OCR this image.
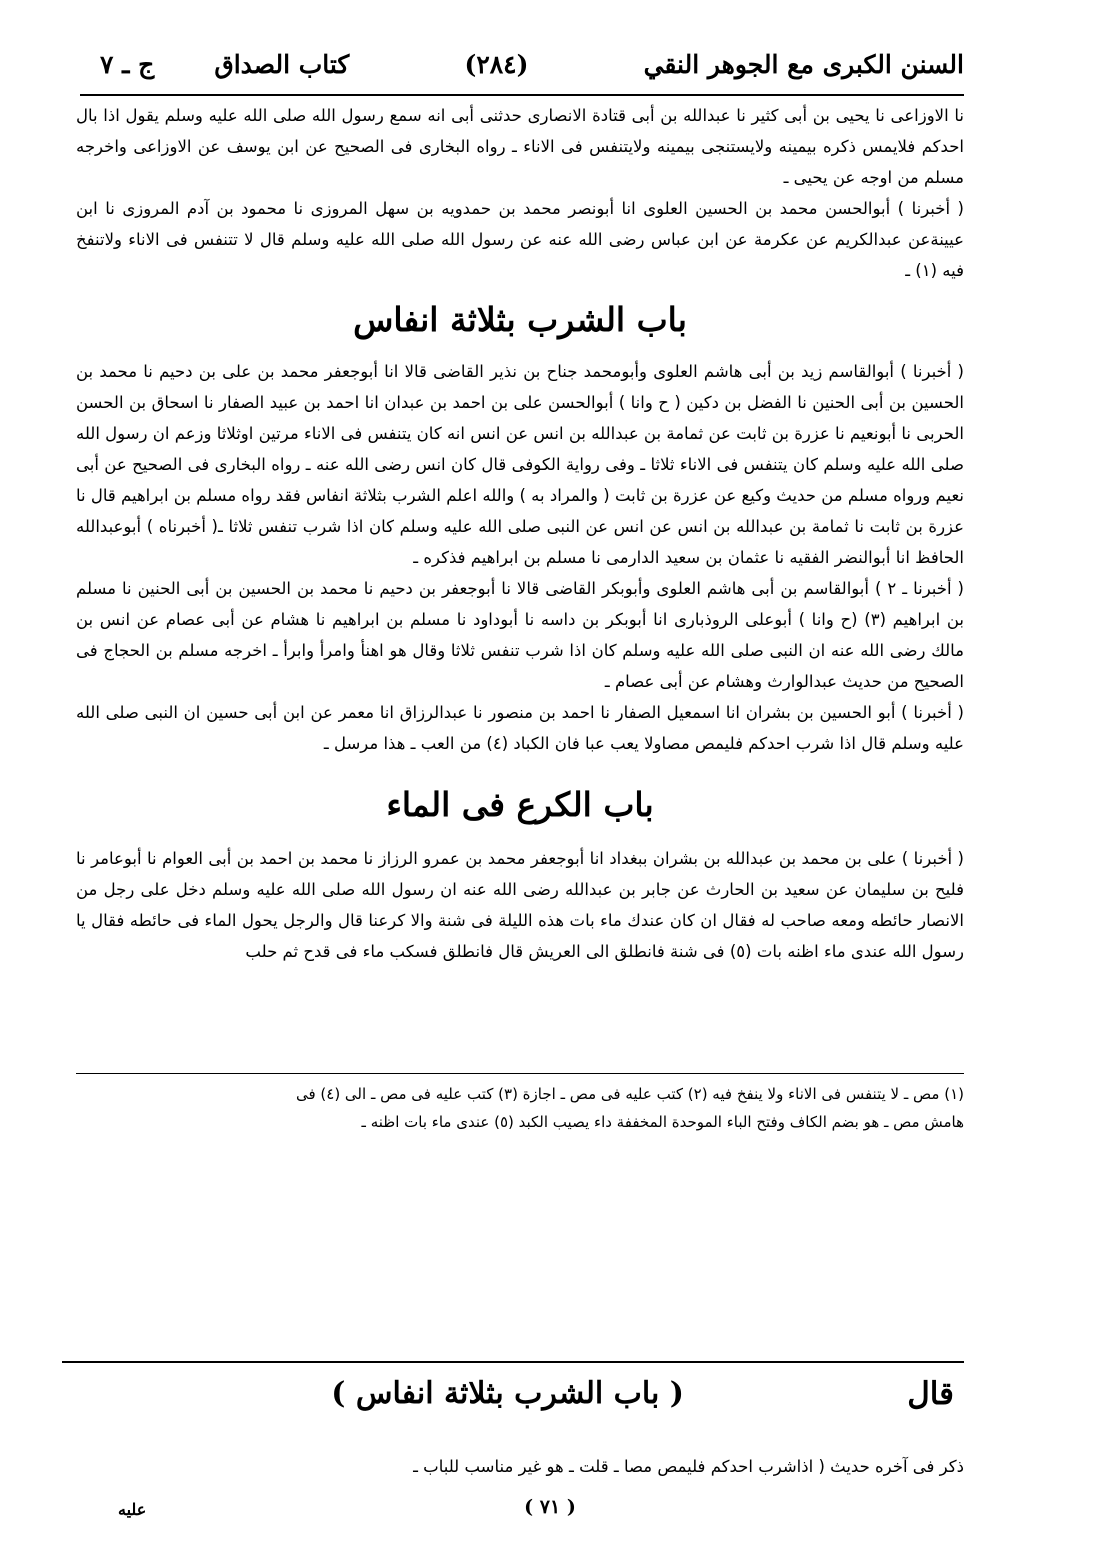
السنن الكبرى مع الجوهر النقي
(٢٨٤)
كتاب الصداق
ج ـ ٧

نا الاوزاعى نا يحيى بن أبى كثير نا عبدالله بن أبى قتادة الانصارى حدثنى أبى انه سمع رسول الله صلى الله عليه وسلم يقول اذا بال احدكم فلايمس ذكره بيمينه ولايستنجى بيمينه ولايتنفس فى الاناء ـ رواه البخارى فى الصحيح عن ابن يوسف عن الاوزاعى واخرجه مسلم من اوجه عن يحيى ـ

( أخبرنا ) أبوالحسن محمد بن الحسين العلوى انا أبونصر محمد بن حمدويه بن سهل المروزى نا محمود بن آدم المروزى نا ابن عيينةعن عبدالكريم عن عكرمة عن ابن عباس رضى الله عنه عن رسول الله صلى الله عليه وسلم قال لا تتنفس فى الاناء ولاتنفخ فيه (١) ـ

باب الشرب بثلاثة انفاس

( أخبرنا ) أبوالقاسم زيد بن أبى هاشم العلوى وأبومحمد جناح بن نذير القاضى قالا انا أبوجعفر محمد بن على بن دحيم نا محمد بن الحسين بن أبى الحنين نا الفضل بن دكين ( ح وانا ) أبوالحسن على بن احمد بن عبدان انا احمد بن عبيد الصفار نا اسحاق بن الحسن الحربى نا أبونعيم نا عزرة بن ثابت عن ثمامة بن عبدالله بن انس عن انس انه كان يتنفس فى الاناء مرتين اوثلاثا وزعم ان رسول الله صلى الله عليه وسلم كان يتنفس فى الاناء ثلاثا ـ وفى رواية الكوفى قال كان انس رضى الله عنه ـ رواه البخارى فى الصحيح عن أبى نعيم ورواه مسلم من حديث وكيع عن عزرة بن ثابت ( والمراد به ) والله اعلم الشرب بثلاثة انفاس فقد رواه مسلم بن ابراهيم قال نا عزرة بن ثابت نا ثمامة بن عبدالله بن انس عن انس عن النبى صلى الله عليه وسلم كان اذا شرب تنفس ثلاثا ـ( أخبرناه ) أبوعبدالله الحافظ انا أبوالنضر الفقيه نا عثمان بن سعيد الدارمى نا مسلم بن ابراهيم فذكره ـ

( أخبرنا ـ ٢ ) أبوالقاسم بن أبى هاشم العلوى وأبوبكر القاضى قالا نا أبوجعفر بن دحيم نا محمد بن الحسين بن أبى الحنين نا مسلم بن ابراهيم (٣) (ح وانا ) أبوعلى الروذبارى انا أبوبكر بن داسه نا أبوداود نا مسلم بن ابراهيم نا هشام عن أبى عصام عن انس بن مالك رضى الله عنه ان النبى صلى الله عليه وسلم كان اذا شرب تنفس ثلاثا وقال هو اهنأ وامرأ وابرأ ـ اخرجه مسلم بن الحجاج فى الصحيح من حديث عبدالوارث وهشام عن أبى عصام ـ

( أخبرنا ) أبو الحسين بن بشران انا اسمعيل الصفار نا احمد بن منصور نا عبدالرزاق انا معمر عن ابن أبى حسين ان النبى صلى الله عليه وسلم قال اذا شرب احدكم فليمص مصاولا يعب عبا فان الكباد (٤) من العب ـ هذا مرسل ـ

باب الكرع فى الماء

( أخبرنا ) على بن محمد بن عبدالله بن بشران ببغداد انا أبوجعفر محمد بن عمرو الرزاز نا محمد بن احمد بن أبى العوام نا أبوعامر نا فليح بن سليمان عن سعيد بن الحارث عن جابر بن عبدالله رضى الله عنه ان رسول الله صلى الله عليه وسلم دخل على رجل من الانصار حائطه ومعه صاحب له فقال ان كان عندك ماء بات هذه الليلة فى شنة والا كرعنا قال والرجل يحول الماء فى حائطه فقال يا رسول الله عندى ماء اظنه بات (٥) فى شنة فانطلق الى العريش قال فانطلق فسكب ماء فى قدح ثم حلب

(١) مص ـ لا يتنفس فى الاناء ولا ينفخ فيه (٢) كتب عليه فى مص ـ اجازة (٣) كتب عليه فى مص ـ الى (٤) فى

هامش مص ـ هو بضم الكاف وفتح الباء الموحدة المخففة داء يصيب الكبد (٥) عندى ماء بات اظنه ـ

قال
( باب الشرب بثلاثة انفاس )
ذكر فى آخره حديث ( اذاشرب احدكم فليمص مصا ـ قلت ـ هو غير مناسب للباب ـ
( ٧١ )
عليه
